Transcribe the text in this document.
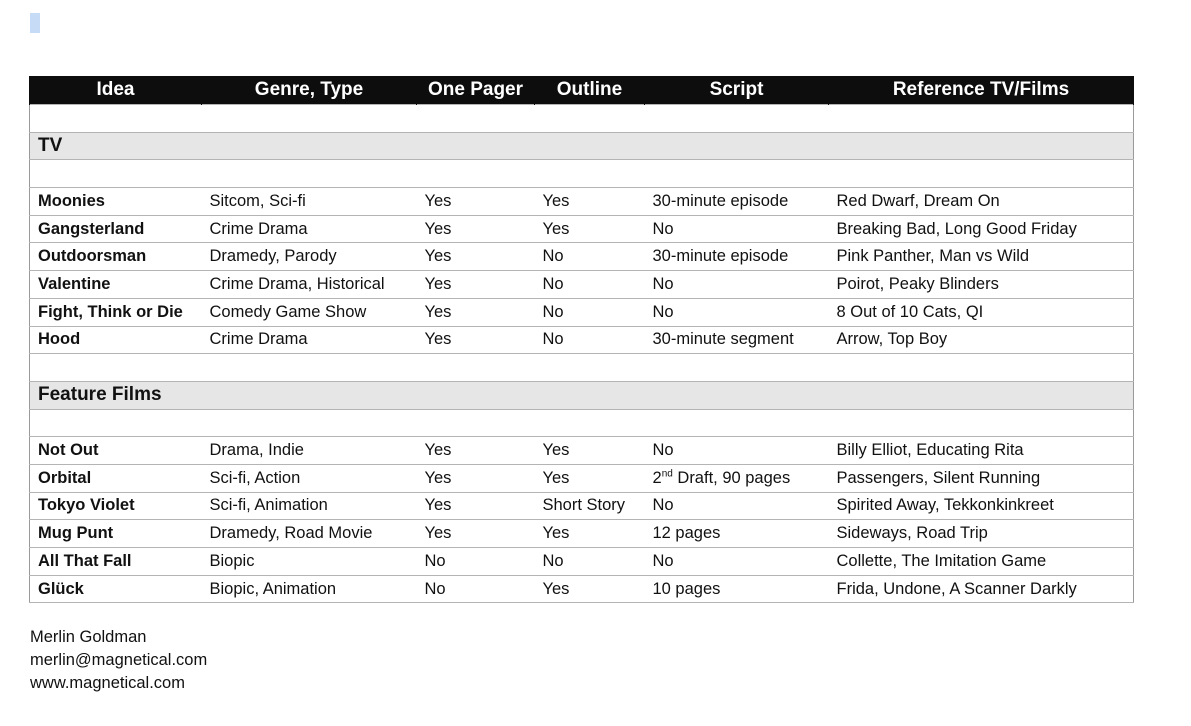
Idea	Genre, Type	One Pager	Outline	Script	Reference TV/Films

TV					

Moonies	Sitcom, Sci-fi	Yes	Yes	30-minute episode	Red Dwarf, Dream On
Gangsterland	Crime Drama	Yes	Yes	No	Breaking Bad, Long Good Friday
Outdoorsman	Dramedy, Parody	Yes	No	30-minute episode	Pink Panther, Man vs Wild
Valentine	Crime Drama, Historical	Yes	No	No	Poirot, Peaky Blinders
Fight, Think or Die	Comedy Game Show	Yes	No	No	8 Out of 10 Cats, QI
Hood	Crime Drama	Yes	No	30-minute segment	Arrow, Top Boy

Feature Films					

Not Out	Drama, Indie	Yes	Yes	No	Billy Elliot, Educating Rita
Orbital	Sci-fi, Action	Yes	Yes	2nd Draft, 90 pages	Passengers, Silent Running
Tokyo Violet	Sci-fi, Animation	Yes	Short Story	No	Spirited Away, Tekkonkinkreet
Mug Punt	Dramedy, Road Movie	Yes	Yes	12 pages	Sideways, Road Trip
All That Fall	Biopic	No	No	No	Collette, The Imitation Game
Glück	Biopic, Animation	No	Yes	10 pages	Frida, Undone, A Scanner Darkly
Merlin Goldman
merlin@magnetical.com
www.magnetical.com
